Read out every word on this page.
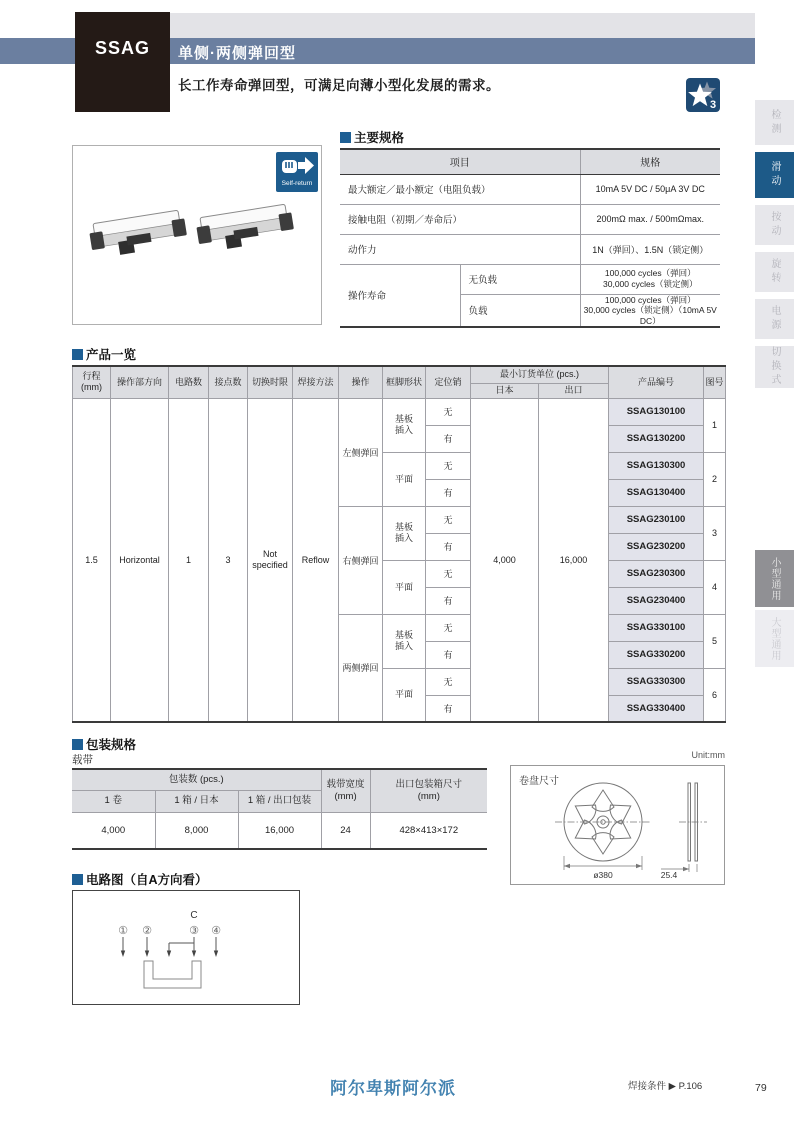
单侧·两侧弹回型
SSAG
长工作寿命弹回型，可满足向薄小型化发展的需求。
3
Self-return
主要规格
项目		规格
最大额定／最小额定（电阻负载）		10mA 5V DC / 50μA 3V DC
接触电阻（初期／寿命后）		200mΩ max. / 500mΩmax.
动作力		1N（弹回）、1.5N（锁定侧）
操作寿命	无负载	100,000 cycles（弹回）
30,000 cycles（锁定侧）
	负载	100,000 cycles（弹回）
30,000 cycles（锁定侧）（10mA 5V DC）
产品一览
行程
(mm)	操作部方向	电路数	接点数	切换时限	焊接方法	操作	框脚形状	定位销	最小订货单位 (pcs.)		产品编号	图号
									日本	出口		
1.5	Horizontal	1	3	Not specified	Reflow	左侧弹回	基板插入	无	4,000	16,000	SSAG130100	1
								有			SSAG130200	
							平面	无			SSAG130300	2
								有			SSAG130400	
						右侧弹回	基板插入	无			SSAG230100	3
								有			SSAG230200	
							平面	无			SSAG230300	4
								有			SSAG230400	
						两侧弹回	基板插入	无			SSAG330100	5
								有			SSAG330200	
							平面	无			SSAG330300	6
								有			SSAG330400	
包装规格
载带
包装数 (pcs.)			载带宽度
(mm)	出口包装箱尺寸
(mm)
1 卷	1 箱 / 日本	1 箱 / 出口包装		
4,000	8,000	16,000	24	428×413×172
Unit:mm
卷盘尺寸
ø380	25.4
电路图（自A方向看）
C
① ②	③ ④
检测
滑动
按动
旋转
电源
切换式
小型通用
大型通用
阿尔卑斯阿尔派	焊接条件 ▶ P.106	79
